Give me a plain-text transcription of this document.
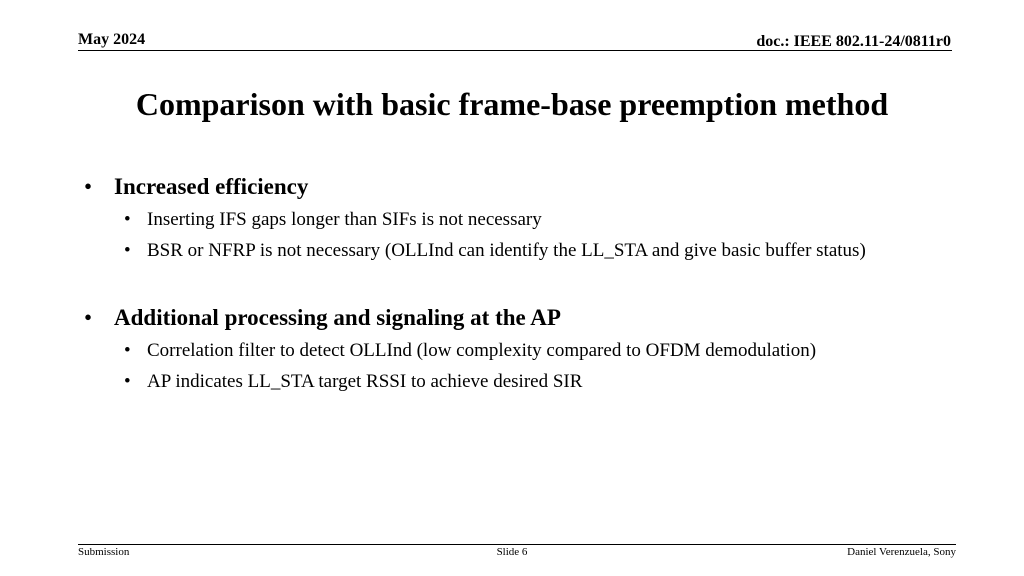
May 2024	doc.: IEEE 802.11-24/0811r0
Comparison with basic frame-base preemption method
• Increased efficiency
• Inserting IFS gaps longer than SIFs is not necessary
• BSR or NFRP is not necessary (OLLInd can identify the LL_STA and give basic buffer status)
• Additional processing and signaling at the AP
• Correlation filter to detect OLLInd (low complexity compared to OFDM demodulation)
• AP indicates LL_STA target RSSI to achieve desired SIR
Submission	Slide 6	Daniel Verenzuela, Sony
